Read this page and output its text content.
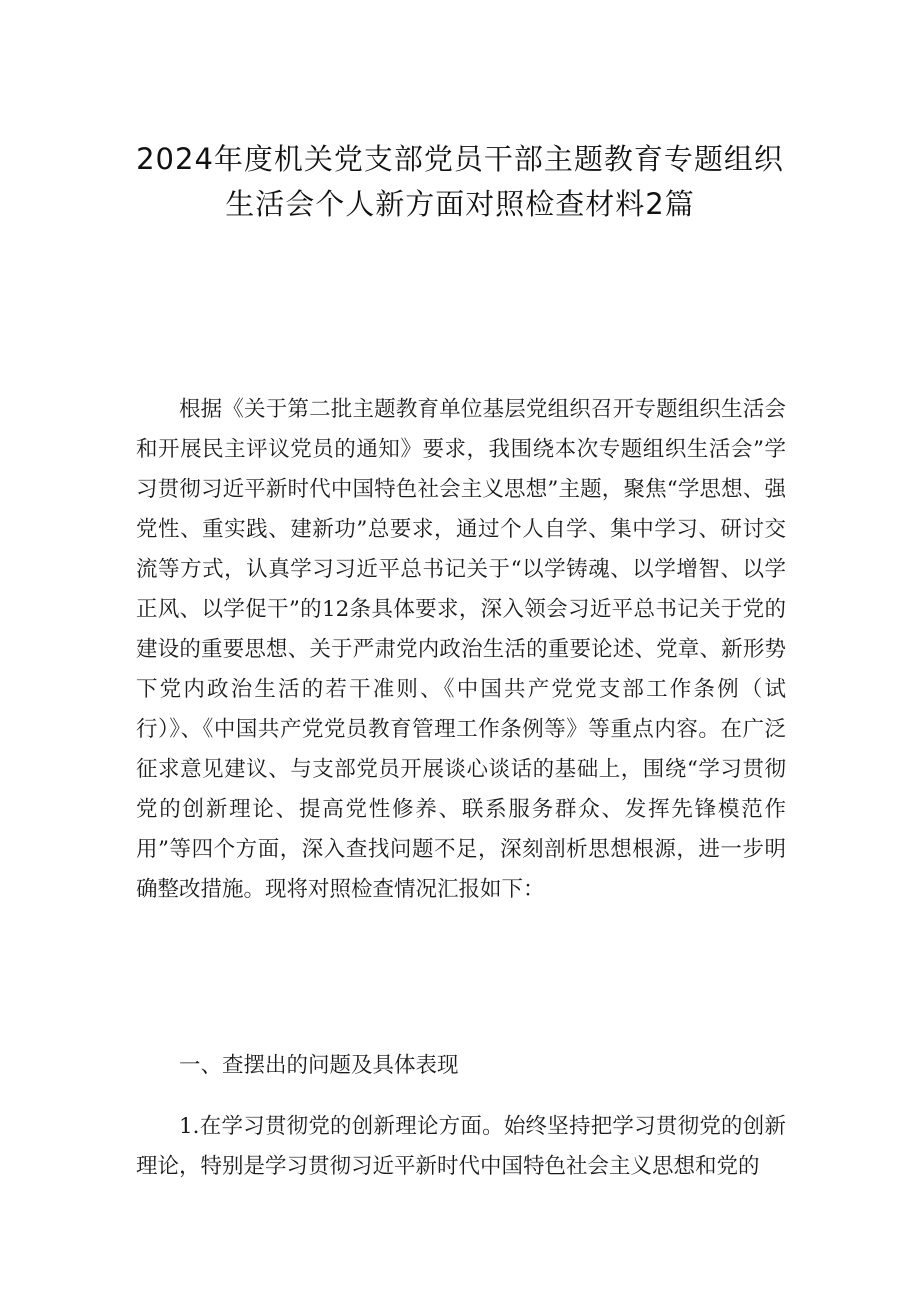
2024年度机关党支部党员干部主题教育专题组织生活会个人新方面对照检查材料2篇

根据《关于第二批主题教育单位基层党组织召开专题组织生活会和开展民主评议党员的通知》要求，我围绕本次专题组织生活会”学习贯彻习近平新时代中国特色社会主义思想”主题，聚焦“学思想、强党性、重实践、建新功”总要求，通过个人自学、集中学习、研讨交流等方式，认真学习习近平总书记关于“以学铸魂、以学增智、以学正风、以学促干”的12条具体要求，深入领会习近平总书记关于党的建设的重要思想、关于严肃党内政治生活的重要论述、党章、新形势下党内政治生活的若干准则、《中国共产党党支部工作条例（试行）》、《中国共产党党员教育管理工作条例等》等重点内容。在广泛征求意见建议、与支部党员开展谈心谈话的基础上，围绕“学习贯彻党的创新理论、提高党性修养、联系服务群众、发挥先锋模范作用”等四个方面，深入查找问题不足，深刻剖析思想根源，进一步明确整改措施。现将对照检查情况汇报如下：

一、查摆出的问题及具体表现

1.在学习贯彻党的创新理论方面。始终坚持把学习贯彻党的创新理论，特别是学习贯彻习近平新时代中国特色社会主义思想和党的
